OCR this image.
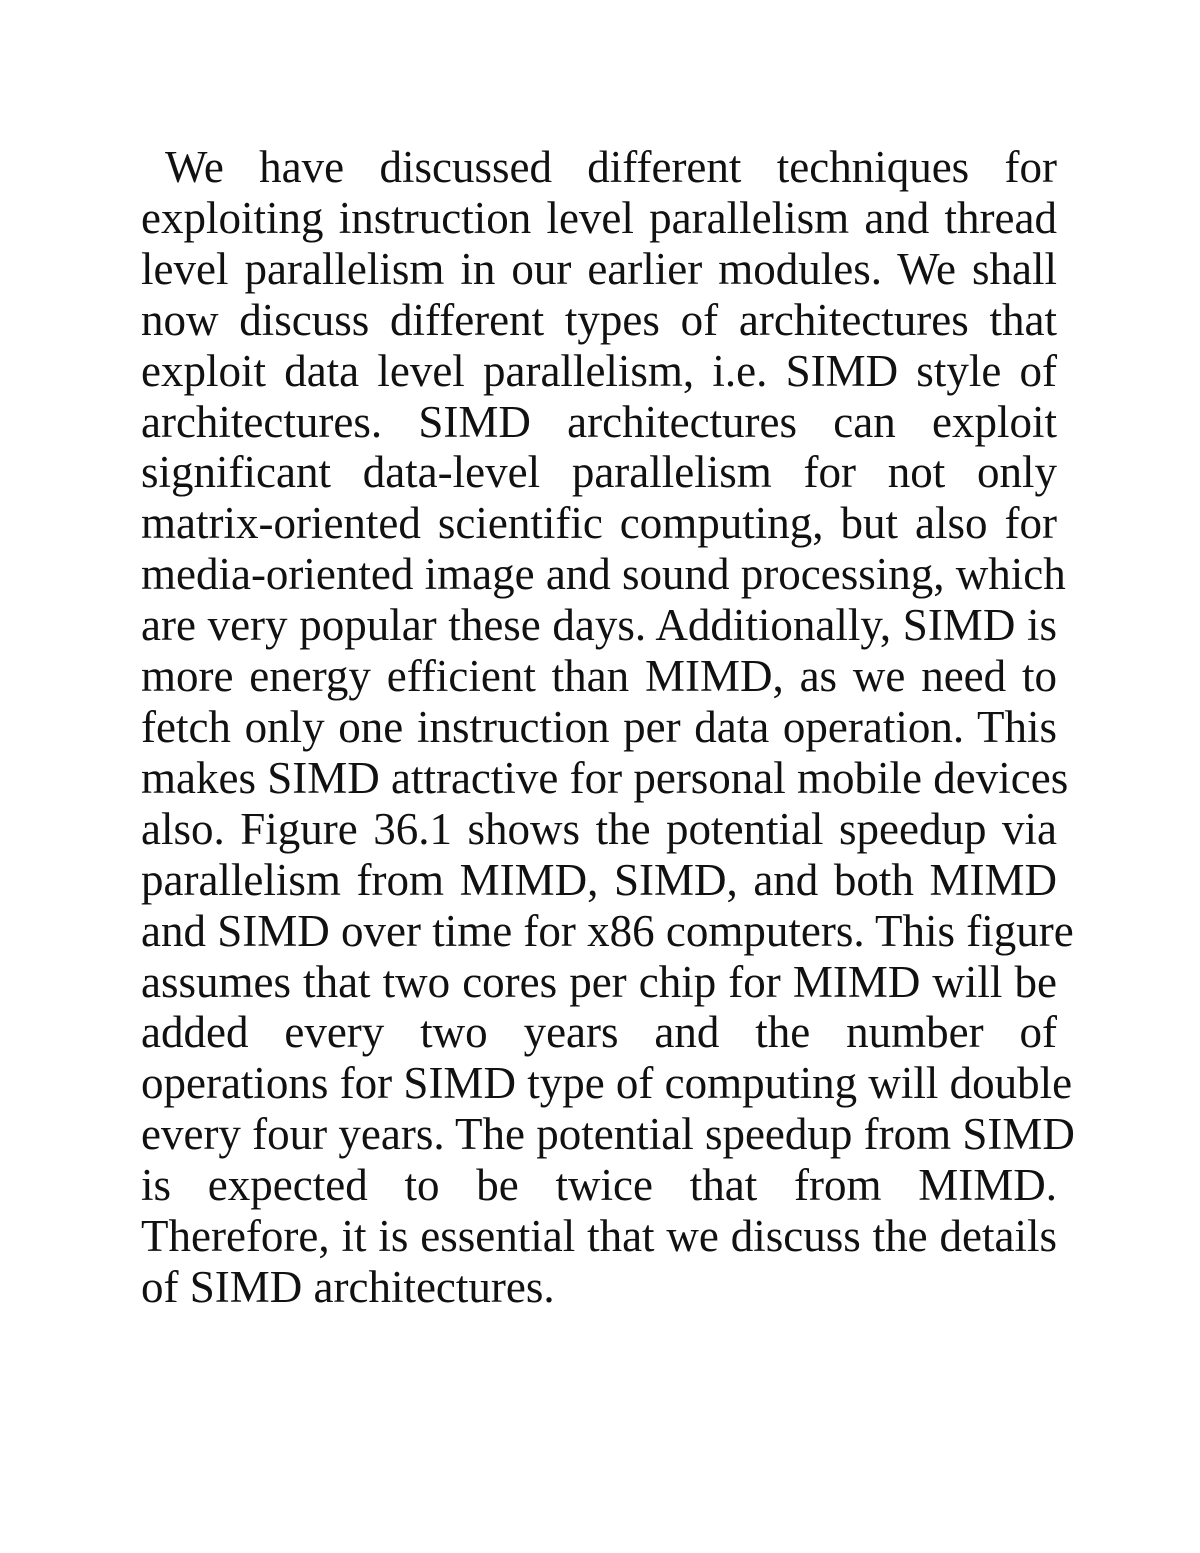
We have discussed different techniques for
exploiting instruction level parallelism and thread
level parallelism in our earlier modules. We shall
now discuss different types of architectures that
exploit data level parallelism, i.e. SIMD style of
architectures. SIMD architectures can exploit
significant data-level parallelism for not only
matrix-oriented scientific computing, but also for
media-oriented image and sound processing, which
are very popular these days. Additionally, SIMD is
more energy efficient than MIMD, as we need to
fetch only one instruction per data operation. This
makes SIMD attractive for personal mobile devices
also. Figure 36.1 shows the potential speedup via
parallelism from MIMD, SIMD, and both MIMD
and SIMD over time for x86 computers. This figure
assumes that two cores per chip for MIMD will be
added every two years and the number of
operations for SIMD type of computing will double
every four years. The potential speedup from SIMD
is expected to be twice that from MIMD.
Therefore, it is essential that we discuss the details
of SIMD architectures.
